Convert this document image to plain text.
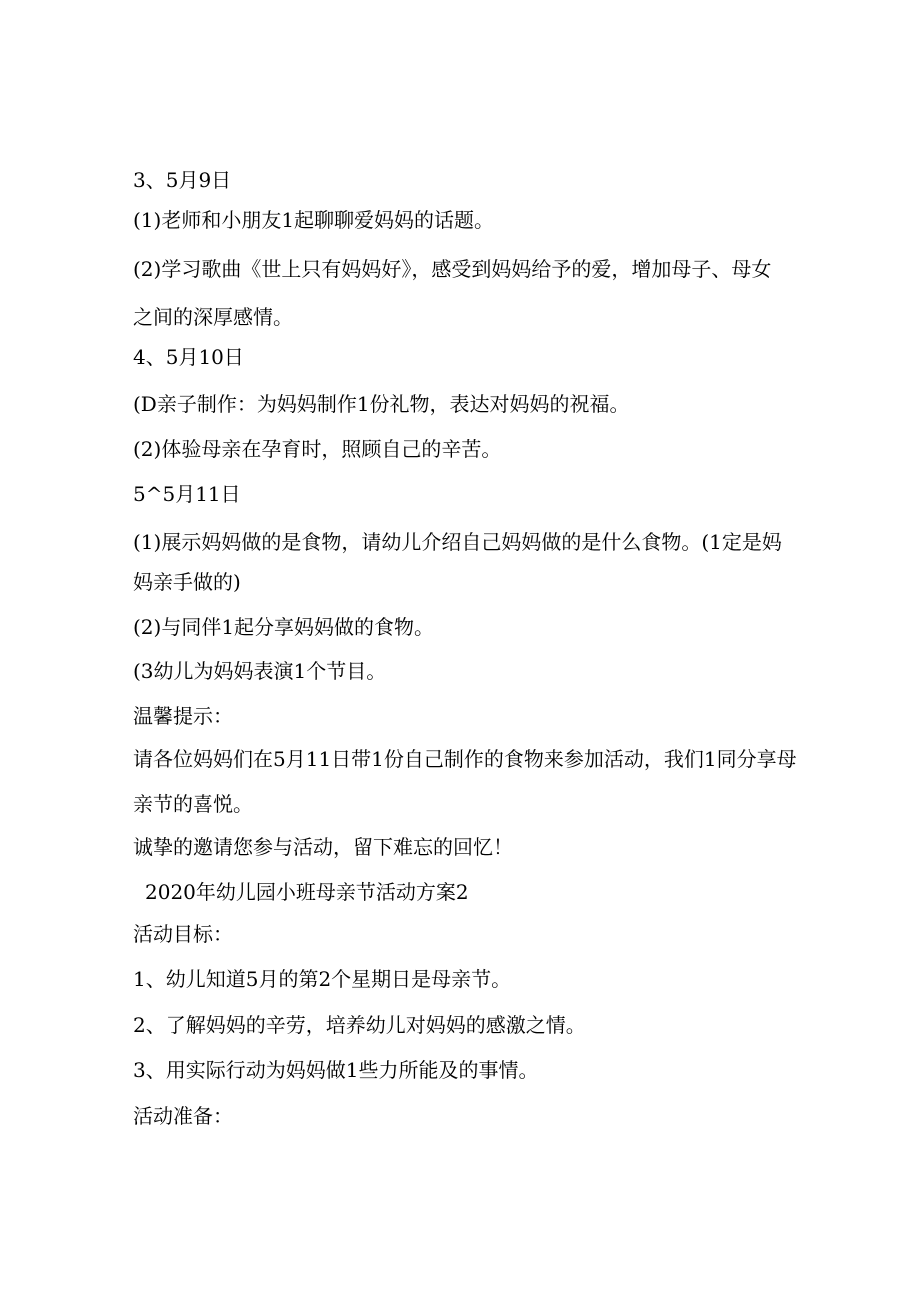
3、5月9日
(1)老师和小朋友1起聊聊爱妈妈的话题。
(2)学习歌曲《世上只有妈妈好》，感受到妈妈给予的爱，增加母子、母女
之间的深厚感情。
4、5月10日
(D亲子制作：为妈妈制作1份礼物，表达对妈妈的祝福。
(2)体验母亲在孕育时，照顾自己的辛苦。
5^5月11日
(1)展示妈妈做的是食物，请幼儿介绍自己妈妈做的是什么食物。(1定是妈
妈亲手做的)
(2)与同伴1起分享妈妈做的食物。
(3幼儿为妈妈表演1个节目。
温馨提示：
请各位妈妈们在5月11日带1份自己制作的食物来参加活动，我们1同分享母
亲节的喜悦。
诚挚的邀请您参与活动，留下难忘的回忆！
2020年幼儿园小班母亲节活动方案2
活动目标：
1、幼儿知道5月的第2个星期日是母亲节。
2、了解妈妈的辛劳，培养幼儿对妈妈的感激之情。
3、用实际行动为妈妈做1些力所能及的事情。
活动准备：
